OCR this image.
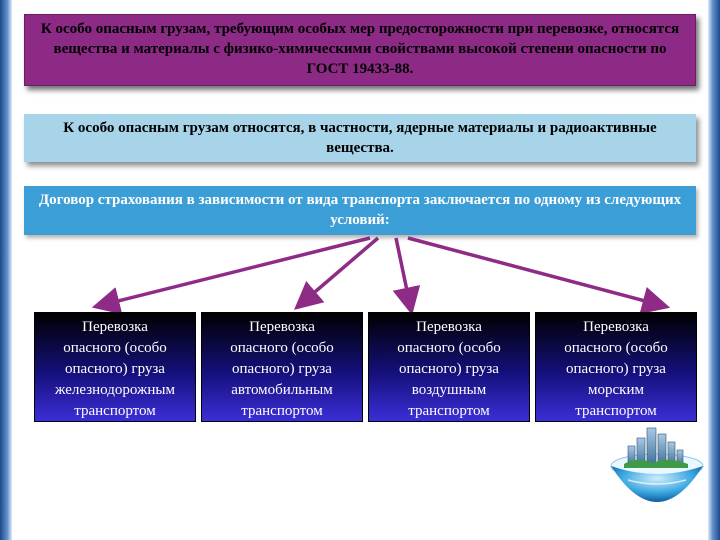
К особо опасным грузам, требующим особых мер предосторожности при перевозке, относятся вещества и материалы с физико-химическими свойствами высокой степени опасности по ГОСТ 19433-88.
К особо опасным грузам относятся, в частности, ядерные материалы и радиоактивные вещества.
Договор страхования в зависимости от вида транспорта заключается по одному из следующих условий:
Перевозка
опасного (особо
опасного) груза
железнодорожным
транспортом
Перевозка
опасного (особо
опасного) груза
автомобильным
транспортом
Перевозка
опасного (особо
опасного) груза
воздушным
транспортом
Перевозка
опасного (особо
опасного) груза
морским
транспортом
